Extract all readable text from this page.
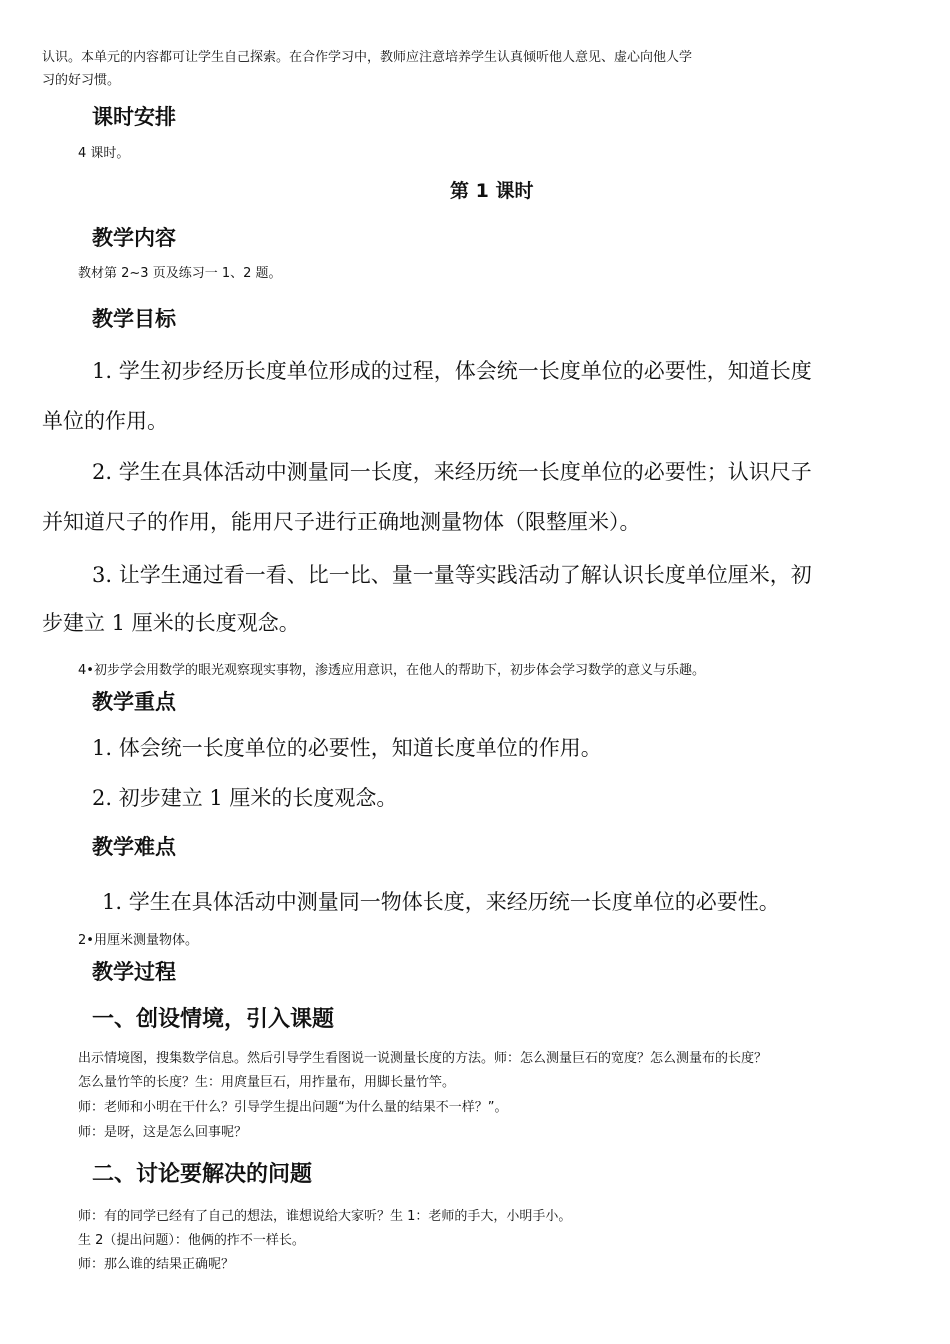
认识。本单元的内容都可让学生自己探索。在合作学习中，教师应注意培养学生认真倾听他人意见、虚心向他人学
习的好习惯。
课时安排
4 课时。
第 1 课时
教学内容
教材第 2~3 页及练习一 1、2 题。
教学目标
1. 学生初步经历长度单位形成的过程，体会统一长度单位的必要性，知道长度
单位的作用。
2. 学生在具体活动中测量同一长度，来经历统一长度单位的必要性；认识尺子
并知道尺子的作用，能用尺子进行正确地测量物体（限整厘米）。
3. 让学生通过看一看、比一比、量一量等实践活动了解认识长度单位厘米，初
步建立 1 厘米的长度观念。
4•初步学会用数学的眼光观察现实事物，渗透应用意识，在他人的帮助下，初步体会学习数学的意义与乐趣。
教学重点
1. 体会统一长度单位的必要性，知道长度单位的作用。
2. 初步建立 1 厘米的长度观念。
教学难点
1. 学生在具体活动中测量同一物体长度，来经历统一长度单位的必要性。
2•用厘米测量物体。
教学过程
一、创设情境，引入课题
出示情境图，搜集数学信息。然后引导学生看图说一说测量长度的方法。师：怎么测量巨石的宽度？怎么测量布的长度？
怎么量竹竿的长度？生：用庹量巨石，用拃量布，用脚长量竹竿。
师：老师和小明在干什么？引导学生提出问题“为什么量的结果不一样？”。
师：是呀，这是怎么回事呢？
二、讨论要解决的问题
师：有的同学已经有了自己的想法，谁想说给大家听？生 1：老师的手大，小明手小。
生 2（提出问题）：他俩的拃不一样长。
师：那么谁的结果正确呢？
